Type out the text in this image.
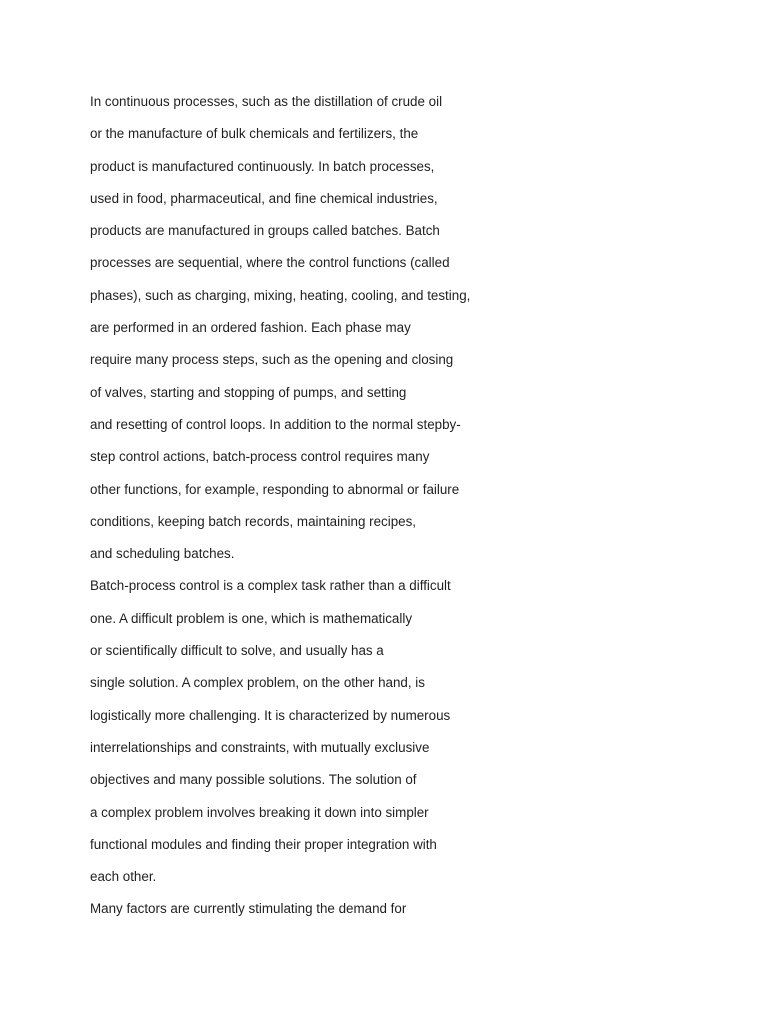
In continuous processes, such as the distillation of crude oil
or the manufacture of bulk chemicals and fertilizers, the
product is manufactured continuously. In batch processes,
used in food, pharmaceutical, and fine chemical industries,
products are manufactured in groups called batches. Batch
processes are sequential, where the control functions (called
phases), such as charging, mixing, heating, cooling, and testing,
are performed in an ordered fashion. Each phase may
require many process steps, such as the opening and closing
of valves, starting and stopping of pumps, and setting
and resetting of control loops. In addition to the normal stepby-
step control actions, batch-process control requires many
other functions, for example, responding to abnormal or failure
conditions, keeping batch records, maintaining recipes,
and scheduling batches.
Batch-process control is a complex task rather than a difficult
one. A difficult problem is one, which is mathematically
or scientifically difficult to solve, and usually has a
single solution. A complex problem, on the other hand, is
logistically more challenging. It is characterized by numerous
interrelationships and constraints, with mutually exclusive
objectives and many possible solutions. The solution of
a complex problem involves breaking it down into simpler
functional modules and finding their proper integration with
each other.
Many factors are currently stimulating the demand for
